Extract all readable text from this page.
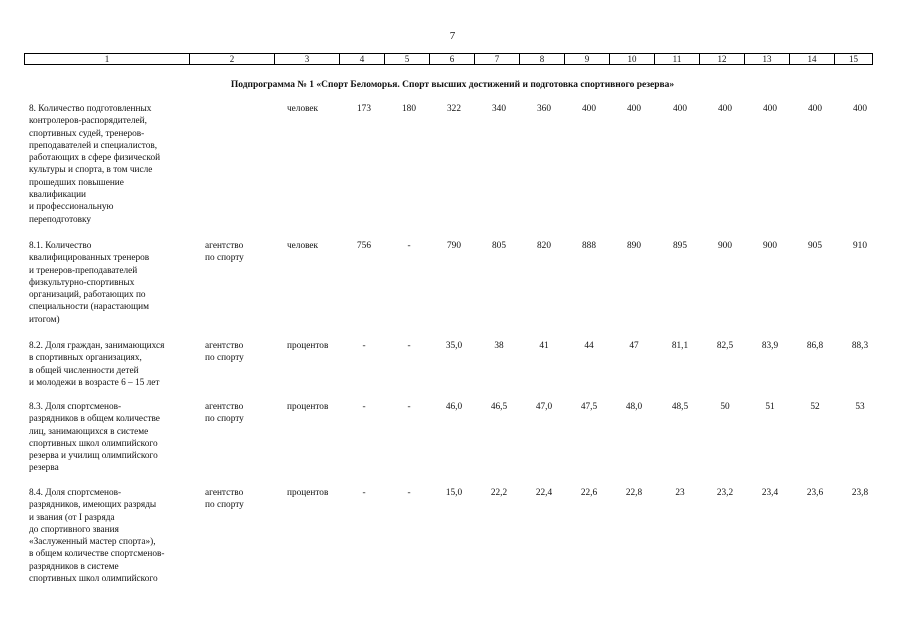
7
1	2	3	4	5	6	7	8	9	10	11	12	13	14	15
Подпрограмма № 1 «Спорт Беломорья. Спорт высших достижений и подготовка спортивного резерва»
8. Количество подготовленных
контролеров-распорядителей,
спортивных судей, тренеров-
преподавателей и специалистов,
работающих в сфере физической
культуры и спорта, в том числе
прошедших повышение
квалификации
и профессиональную
переподготовку
человек	173	180	322	340	360	400	400	400	400	400	400	400
8.1. Количество
квалифицированных тренеров
и тренеров-преподавателей
физкультурно-спортивных
организаций, работающих по
специальности (нарастающим
итогом)
агентство
по спорту
человек	756	-	790	805	820	888	890	895	900	900	905	910
8.2. Доля граждан, занимающихся
в спортивных организациях,
в общей численности детей
и молодежи в возрасте 6 – 15 лет
агентство
по спорту
процентов	-	-	35,0	38	41	44	47	81,1	82,5	83,9	86,8	88,3
8.3. Доля спортсменов-
разрядников в общем количестве
лиц, занимающихся в системе
спортивных школ олимпийского
резерва и училищ олимпийского
резерва
агентство
по спорту
процентов	-	-	46,0	46,5	47,0	47,5	48,0	48,5	50	51	52	53
8.4. Доля спортсменов-
разрядников, имеющих разряды
и звания (от I разряда
до спортивного звания
«Заслуженный мастер спорта»),
в общем количестве спортсменов-
разрядников в системе
спортивных школ олимпийского
агентство
по спорту
процентов	-	-	15,0	22,2	22,4	22,6	22,8	23	23,2	23,4	23,6	23,8
